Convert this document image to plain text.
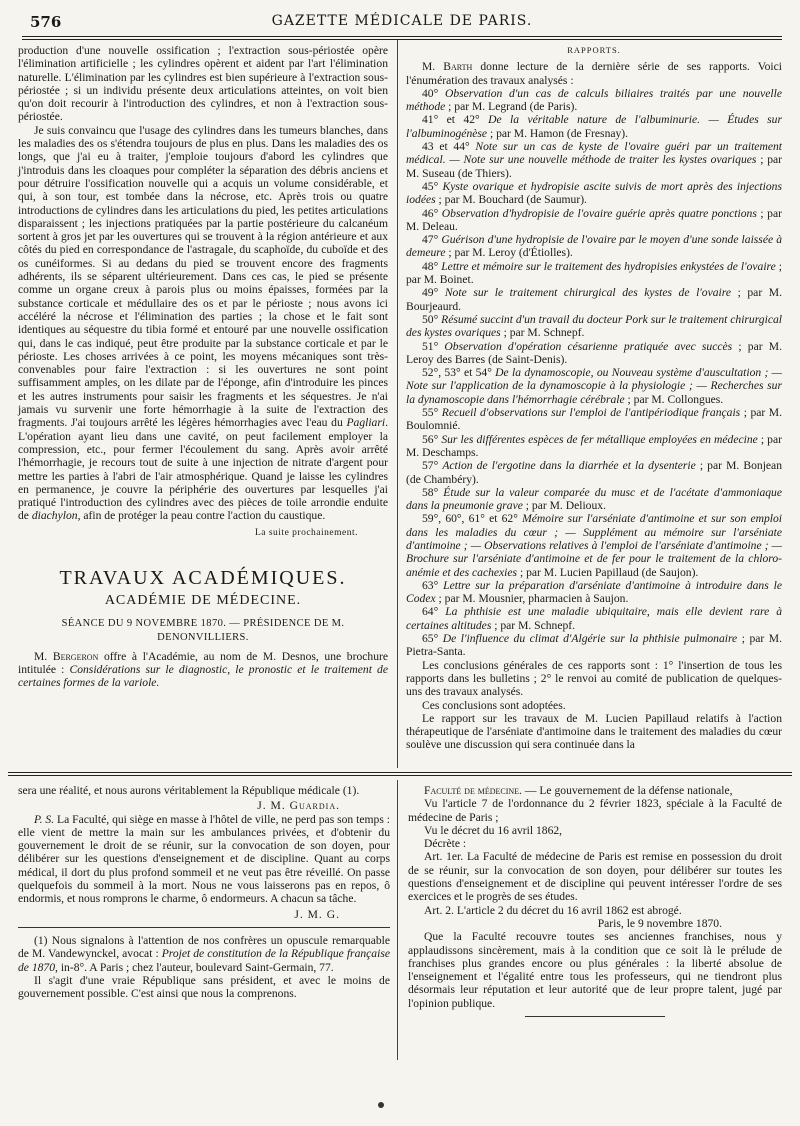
576	GAZETTE MÉDICALE DE PARIS.

production d'une nouvelle ossification ; l'extraction sous-périostée opère l'élimination artificielle ; les cylindres opèrent et aident par l'art l'élimination naturelle. L'élimination par les cylindres est bien supérieure à l'extraction sous-périostée ; si un individu présente deux articulations atteintes, on voit bien qu'on doit recourir à l'introduction des cylindres, et non à l'extraction sous-périostée.

Je suis convaincu que l'usage des cylindres dans les tumeurs blanches, dans les maladies des os s'étendra toujours de plus en plus. Dans les maladies des os longs, que j'ai eu à traiter, j'emploie toujours d'abord les cylindres que j'introduis dans les cloaques pour compléter la séparation des débris anciens et pour détruire l'ossification nouvelle qui a acquis un volume considérable, et qui, à son tour, est tombée dans la nécrose, etc. Après trois ou quatre introductions de cylindres dans les articulations du pied, les petites articulations disparaissent ; les injections pratiquées par la partie postérieure du calcanéum sortent à gros jet par les ouvertures qui se trouvent à la région antérieure et aux côtés du pied en correspondance de l'astragale, du scaphoïde, du cuboïde et des os cunéiformes. Si au dedans du pied se trouvent encore des fragments adhérents, ils se séparent ultérieurement. Dans ces cas, le pied se présente comme un organe creux à parois plus ou moins épaisses, formées par la substance corticale et médullaire des os et par le périoste ; nous avons ici accéléré la nécrose et l'élimination des parties ; la chose et le fait sont identiques au séquestre du tibia formé et entouré par une nouvelle ossification qui, dans le cas indiqué, peut être produite par la substance corticale et par le périoste. Les choses arrivées à ce point, les moyens mécaniques sont très-convenables pour faire l'extraction : si les ouvertures ne sont point suffisamment amples, on les dilate par de l'éponge, afin d'introduire les pinces et les autres instruments pour saisir les fragments et les séquestres. Je n'ai jamais vu survenir une forte hémorrhagie à la suite de l'extraction des fragments. J'ai toujours arrêté les légères hémorrhagies avec l'eau du Pagliari. L'opération ayant lieu dans une cavité, on peut facilement employer la compression, etc., pour fermer l'écoulement du sang. Après avoir arrêté l'hémorrhagie, je recours tout de suite à une injection de nitrate d'argent pour mettre les parties à l'abri de l'air atmosphérique. Quand je laisse les cylindres en permanence, je couvre la périphérie des ouvertures par lesquelles j'ai pratiqué l'introduction des cylindres avec des pièces de toile arrondie enduite de diachylon, afin de protéger la peau contre l'action du caustique.

La suite prochainement.

TRAVAUX ACADÉMIQUES.

ACADÉMIE DE MÉDECINE.

SÉANCE DU 9 NOVEMBRE 1870. — PRÉSIDENCE DE M. DENONVILLIERS.

M. Bergeron offre à l'Académie, au nom de M. Desnos, une brochure intitulée : Considérations sur le diagnostic, le pronostic et le traitement de certaines formes de la variole.

RAPPORTS.

M. Barth donne lecture de la dernière série de ses rapports. Voici l'énumération des travaux analysés :

40° Observation d'un cas de calculs biliaires traités par une nouvelle méthode ; par M. Legrand (de Paris).

41° et 42° De la véritable nature de l'albuminurie. — Études sur l'albuminogénèse ; par M. Hamon (de Fresnay).

43 et 44° Note sur un cas de kyste de l'ovaire guéri par un traitement médical. — Note sur une nouvelle méthode de traiter les kystes ovariques ; par M. Suseau (de Thiers).

45° Kyste ovarique et hydropisie ascite suivis de mort après des injections iodées ; par M. Bouchard (de Saumur).

46° Observation d'hydropisie de l'ovaire guérie après quatre ponctions ; par M. Deleau.

47° Guérison d'une hydropisie de l'ovaire par le moyen d'une sonde laissée à demeure ; par M. Leroy (d'Étiolles).

48° Lettre et mémoire sur le traitement des hydropisies enkystées de l'ovaire ; par M. Boinet.

49° Note sur le traitement chirurgical des kystes de l'ovaire ; par M. Bourjeaurd.

50° Résumé succint d'un travail du docteur Pork sur le traitement chirurgical des kystes ovariques ; par M. Schnepf.

51° Observation d'opération césarienne pratiquée avec succès ; par M. Leroy des Barres (de Saint-Denis).

52°, 53° et 54° De la dynamoscopie, ou Nouveau système d'auscultation ; — Note sur l'application de la dynamoscopie à la physiologie ; — Recherches sur la dynamoscopie dans l'hémorrhagie cérébrale ; par M. Collongues.

55° Recueil d'observations sur l'emploi de l'antipériodique français ; par M. Boulomnié.

56° Sur les différentes espèces de fer métallique employées en médecine ; par M. Deschamps.

57° Action de l'ergotine dans la diarrhée et la dysenterie ; par M. Bonjean (de Chambéry).

58° Étude sur la valeur comparée du musc et de l'acétate d'ammoniaque dans la pneumonie grave ; par M. Delioux.

59°, 60°, 61° et 62° Mémoire sur l'arséniate d'antimoine et sur son emploi dans les maladies du cœur ; — Supplément au mémoire sur l'arséniate d'antimoine ; — Observations relatives à l'emploi de l'arséniate d'antimoine ; — Brochure sur l'arséniate d'antimoine et de fer pour le traitement de la chloro-anémie et des cachexies ; par M. Lucien Papillaud (de Saujon).

63° Lettre sur la préparation d'arséniate d'antimoine à introduire dans le Codex ; par M. Mousnier, pharmacien à Saujon.

64° La phthisie est une maladie ubiquitaire, mais elle devient rare à certaines altitudes ; par M. Schnepf.

65° De l'influence du climat d'Algérie sur la phthisie pulmonaire ; par M. Pietra-Santa.

Les conclusions générales de ces rapports sont : 1° l'insertion de tous les rapports dans les bulletins ; 2° le renvoi au comité de publication de quelques-uns des travaux analysés.

Ces conclusions sont adoptées.

Le rapport sur les travaux de M. Lucien Papillaud relatifs à l'action thérapeutique de l'arséniate d'antimoine dans le traitement des maladies du cœur soulève une discussion qui sera continuée dans la

sera une réalité, et nous aurons véritablement la République médicale (1).

J. M. Guardia.

P. S. La Faculté, qui siège en masse à l'hôtel de ville, ne perd pas son temps : elle vient de mettre la main sur les ambulances privées, et d'obtenir du gouvernement le droit de se réunir, sur la convocation de son doyen, pour délibérer sur les questions d'enseignement et de discipline. Quant au corps médical, il dort du plus profond sommeil et ne veut pas être réveillé. On passe quelquefois du sommeil à la mort. Nous ne vous laisserons pas en repos, ô endormis, et nous romprons le charme, ô endormeurs. A chacun sa tâche.

J. M. G.

(1) Nous signalons à l'attention de nos confrères un opuscule remarquable de M. Vandewynckel, avocat : Projet de constitution de la République française de 1870, in-8°. A Paris ; chez l'auteur, boulevard Saint-Germain, 77.

Il s'agit d'une vraie République sans président, et avec le moins de gouvernement possible. C'est ainsi que nous la comprenons.

Faculté de médecine. — Le gouvernement de la défense nationale,

Vu l'article 7 de l'ordonnance du 2 février 1823, spéciale à la Faculté de médecine de Paris ;

Vu le décret du 16 avril 1862,

Décrète :

Art. 1er. La Faculté de médecine de Paris est remise en possession du droit de se réunir, sur la convocation de son doyen, pour délibérer sur toutes les questions d'enseignement et de discipline qui peuvent intéresser l'ordre de ses exercices et le progrès de ses études.

Art. 2. L'article 2 du décret du 16 avril 1862 est abrogé.

Paris, le 9 novembre 1870.

Que la Faculté recouvre toutes ses anciennes franchises, nous y applaudissons sincèrement, mais à la condition que ce soit là le prélude de franchises plus grandes encore ou plus générales : la liberté absolue de l'enseignement et l'égalité entre tous les professeurs, qui ne tiendront plus désormais leur réputation et leur autorité que de leur propre talent, jugé par l'opinion publique.
